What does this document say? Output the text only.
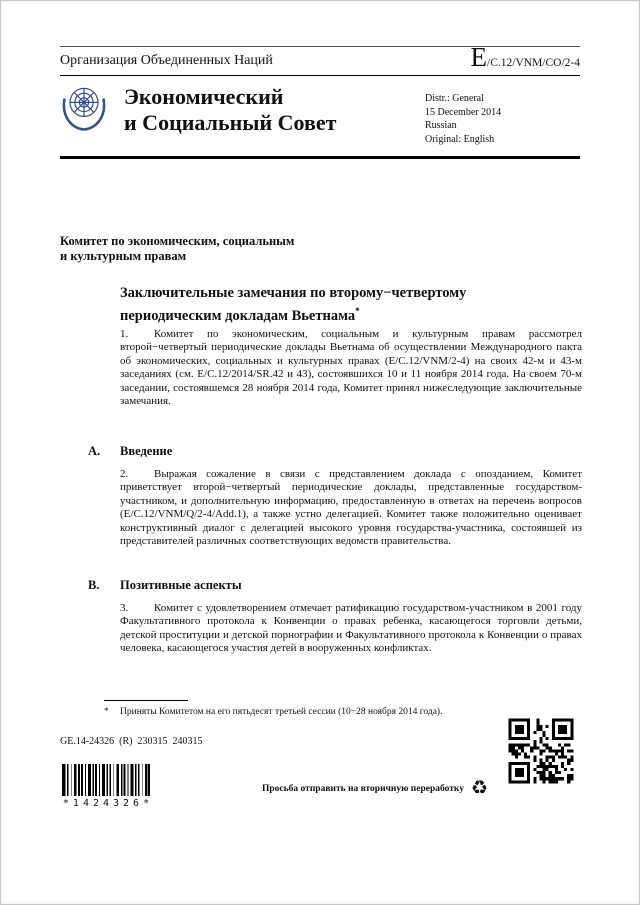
Организация Объединенных Наций	E /C.12/VNM/CO/2-4
Экономический
и Социальный Совет
Distr.: General
15 December 2014
Russian
Original: English
Комитет по экономическим, социальным
и культурным правам
Заключительные замечания по второму−четвертому периодическим докладам Вьетнама*

1. Комитет по экономическим, социальным и культурным правам рассмотрел второй−четвертый периодические доклады Вьетнама об осуществлении Международного пакта об экономических, социальных и культурных правах (E/C.12/VNM/2-4) на своих 42-м и 43-м заседаниях (см. E/C.12/2014/SR.42 и 43), состоявшихся 10 и 11 ноября 2014 года. На своем 70-м заседании, состоявшемся 28 ноября 2014 года, Комитет принял нижеследующие заключительные замечания.

A. Введение

2. Выражая сожаление в связи с представлением доклада с опозданием, Комитет приветствует второй−четвертый периодические доклады, представленные государством-участником, и дополнительную информацию, предоставленную в ответах на перечень вопросов (E/C.12/VNM/Q/2-4/Add.1), а также устно делегацией. Комитет также положительно оценивает конструктивный диалог с делегацией высокого уровня государства-участника, состоявшей из представителей различных соответствующих ведомств правительства.

B. Позитивные аспекты

3. Комитет с удовлетворением отмечает ратификацию государством-участником в 2001 году Факультативного протокола к Конвенции о правах ребенка, касающегося торговли детьми, детской проституции и детской порнографии и Факультативного протокола к Конвенции о правах человека, касающегося участия детей в вооруженных конфликтах.

* Приняты Комитетом на его пятьдесят третьей сессии (10−28 ноября 2014 года).
GE.14-24326  (R)  230315  240315
*1424326*
Просьба отправить на вторичную переработку ♻
